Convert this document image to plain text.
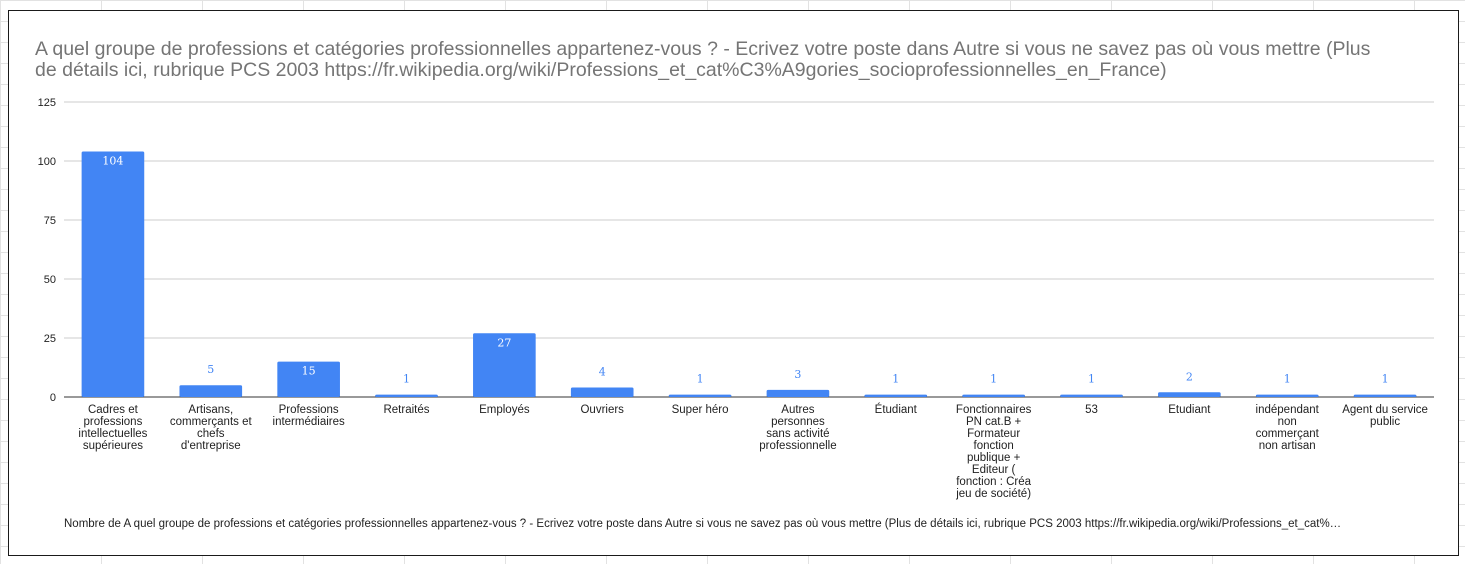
A quel groupe de professions et catégories professionnelles appartenez-vous ? - Ecrivez votre poste dans Autre si vous ne savez pas où vous mettre (Plus
de détails ici, rubrique PCS 2003 https://fr.wikipedia.org/wiki/Professions_et_cat%C3%A9gories_socioprofessionnelles_en_France)
0
25
50
75
100
125
104
5	15
1
27
4
1	3	1	1	1	2	1	1
Cadres et professions intellectuelles supérieures
Artisans, commerçants et chefs d'entreprise
Professions intermédiaires
Retraités	Employés	Ouvriers	Super héro	Autres personnes sans activité professionnelle
Étudiant	Fonctionnaires PN cat.B + Formateur fonction publique + Editeur ( fonction : Créa jeu de société)
53	Etudiant	indépendant non commerçant non artisan
Agent du service public
Nombre de A quel groupe de professions et catégories professionnelles appartenez-vous ? - Ecrivez votre poste dans Autre si vous ne savez pas où vous mettre (Plus de détails ici, rubrique PCS 2003 https://fr.wikipedia.org/wiki/Professions_et_cat%…
